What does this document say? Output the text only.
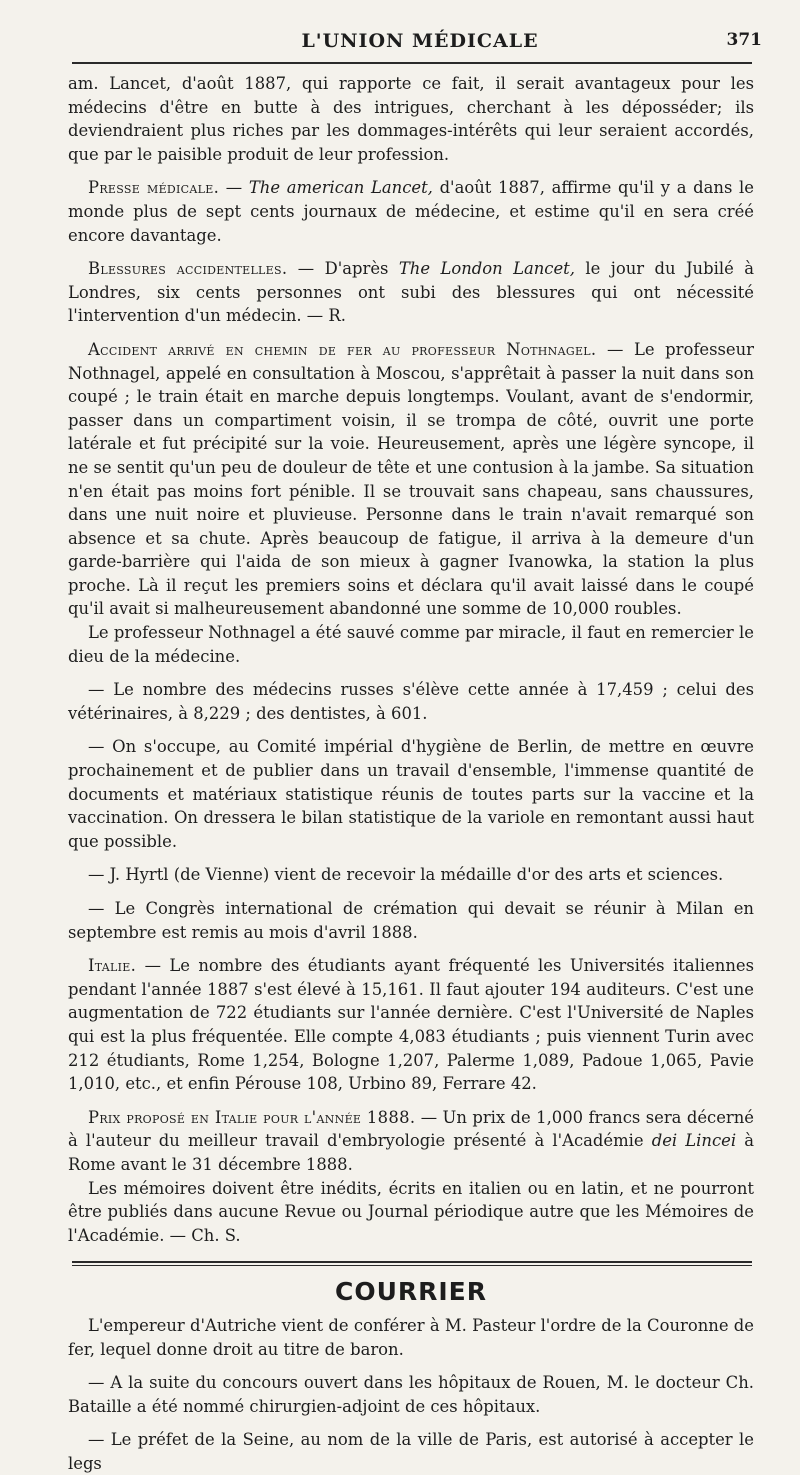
L'UNION MÉDICALE	371

am. Lancet, d'août 1887, qui rapporte ce fait, il serait avantageux pour les médecins d'être en butte à des intrigues, cherchant à les déposséder; ils deviendraient plus riches par les dommages-intérêts qui leur seraient accordés, que par le paisible produit de leur profession.

Presse médicale. — The american Lancet, d'août 1887, affirme qu'il y a dans le monde plus de sept cents journaux de médecine, et estime qu'il en sera créé encore davantage.

Blessures accidentelles. — D'après The London Lancet, le jour du Jubilé à Londres, six cents personnes ont subi des blessures qui ont nécessité l'intervention d'un médecin. — R.

Accident arrivé en chemin de fer au professeur Nothnagel. — Le professeur Nothnagel, appelé en consultation à Moscou, s'apprêtait à passer la nuit dans son coupé ; le train était en marche depuis longtemps. Voulant, avant de s'endormir, passer dans un compartiment voisin, il se trompa de côté, ouvrit une porte latérale et fut précipité sur la voie. Heureusement, après une légère syncope, il ne se sentit qu'un peu de douleur de tête et une contusion à la jambe. Sa situation n'en était pas moins fort pénible. Il se trouvait sans chapeau, sans chaussures, dans une nuit noire et pluvieuse. Personne dans le train n'avait remarqué son absence et sa chute. Après beaucoup de fatigue, il arriva à la demeure d'un garde-barrière qui l'aida de son mieux à gagner Ivanowka, la station la plus proche. Là il reçut les premiers soins et déclara qu'il avait laissé dans le coupé qu'il avait si malheureusement abandonné une somme de 10,000 roubles.

Le professeur Nothnagel a été sauvé comme par miracle, il faut en remercier le dieu de la médecine.

— Le nombre des médecins russes s'élève cette année à 17,459 ; celui des vétérinaires, à 8,229 ; des dentistes, à 601.

— On s'occupe, au Comité impérial d'hygiène de Berlin, de mettre en œuvre prochainement et de publier dans un travail d'ensemble, l'immense quantité de documents et matériaux statistique réunis de toutes parts sur la vaccine et la vaccination. On dressera le bilan statistique de la variole en remontant aussi haut que possible.

— J. Hyrtl (de Vienne) vient de recevoir la médaille d'or des arts et sciences.

— Le Congrès international de crémation qui devait se réunir à Milan en septembre est remis au mois d'avril 1888.

Italie. — Le nombre des étudiants ayant fréquenté les Universités italiennes pendant l'année 1887 s'est élevé à 15,161. Il faut ajouter 194 auditeurs. C'est une augmentation de 722 étudiants sur l'année dernière. C'est l'Université de Naples qui est la plus fréquentée. Elle compte 4,083 étudiants ; puis viennent Turin avec 212 étudiants, Rome 1,254, Bologne 1,207, Palerme 1,089, Padoue 1,065, Pavie 1,010, etc., et enfin Pérouse 108, Urbino 89, Ferrare 42.

Prix proposé en Italie pour l'année 1888. — Un prix de 1,000 francs sera décerné à l'auteur du meilleur travail d'embryologie présenté à l'Académie dei Lincei à Rome avant le 31 décembre 1888.

Les mémoires doivent être inédits, écrits en italien ou en latin, et ne pourront être publiés dans aucune Revue ou Journal périodique autre que les Mémoires de l'Académie. — Ch. S.

COURRIER

L'empereur d'Autriche vient de conférer à M. Pasteur l'ordre de la Couronne de fer, lequel donne droit au titre de baron.

— A la suite du concours ouvert dans les hôpitaux de Rouen, M. le docteur Ch. Bataille a été nommé chirurgien-adjoint de ces hôpitaux.

— Le préfet de la Seine, au nom de la ville de Paris, est autorisé à accepter le legs
